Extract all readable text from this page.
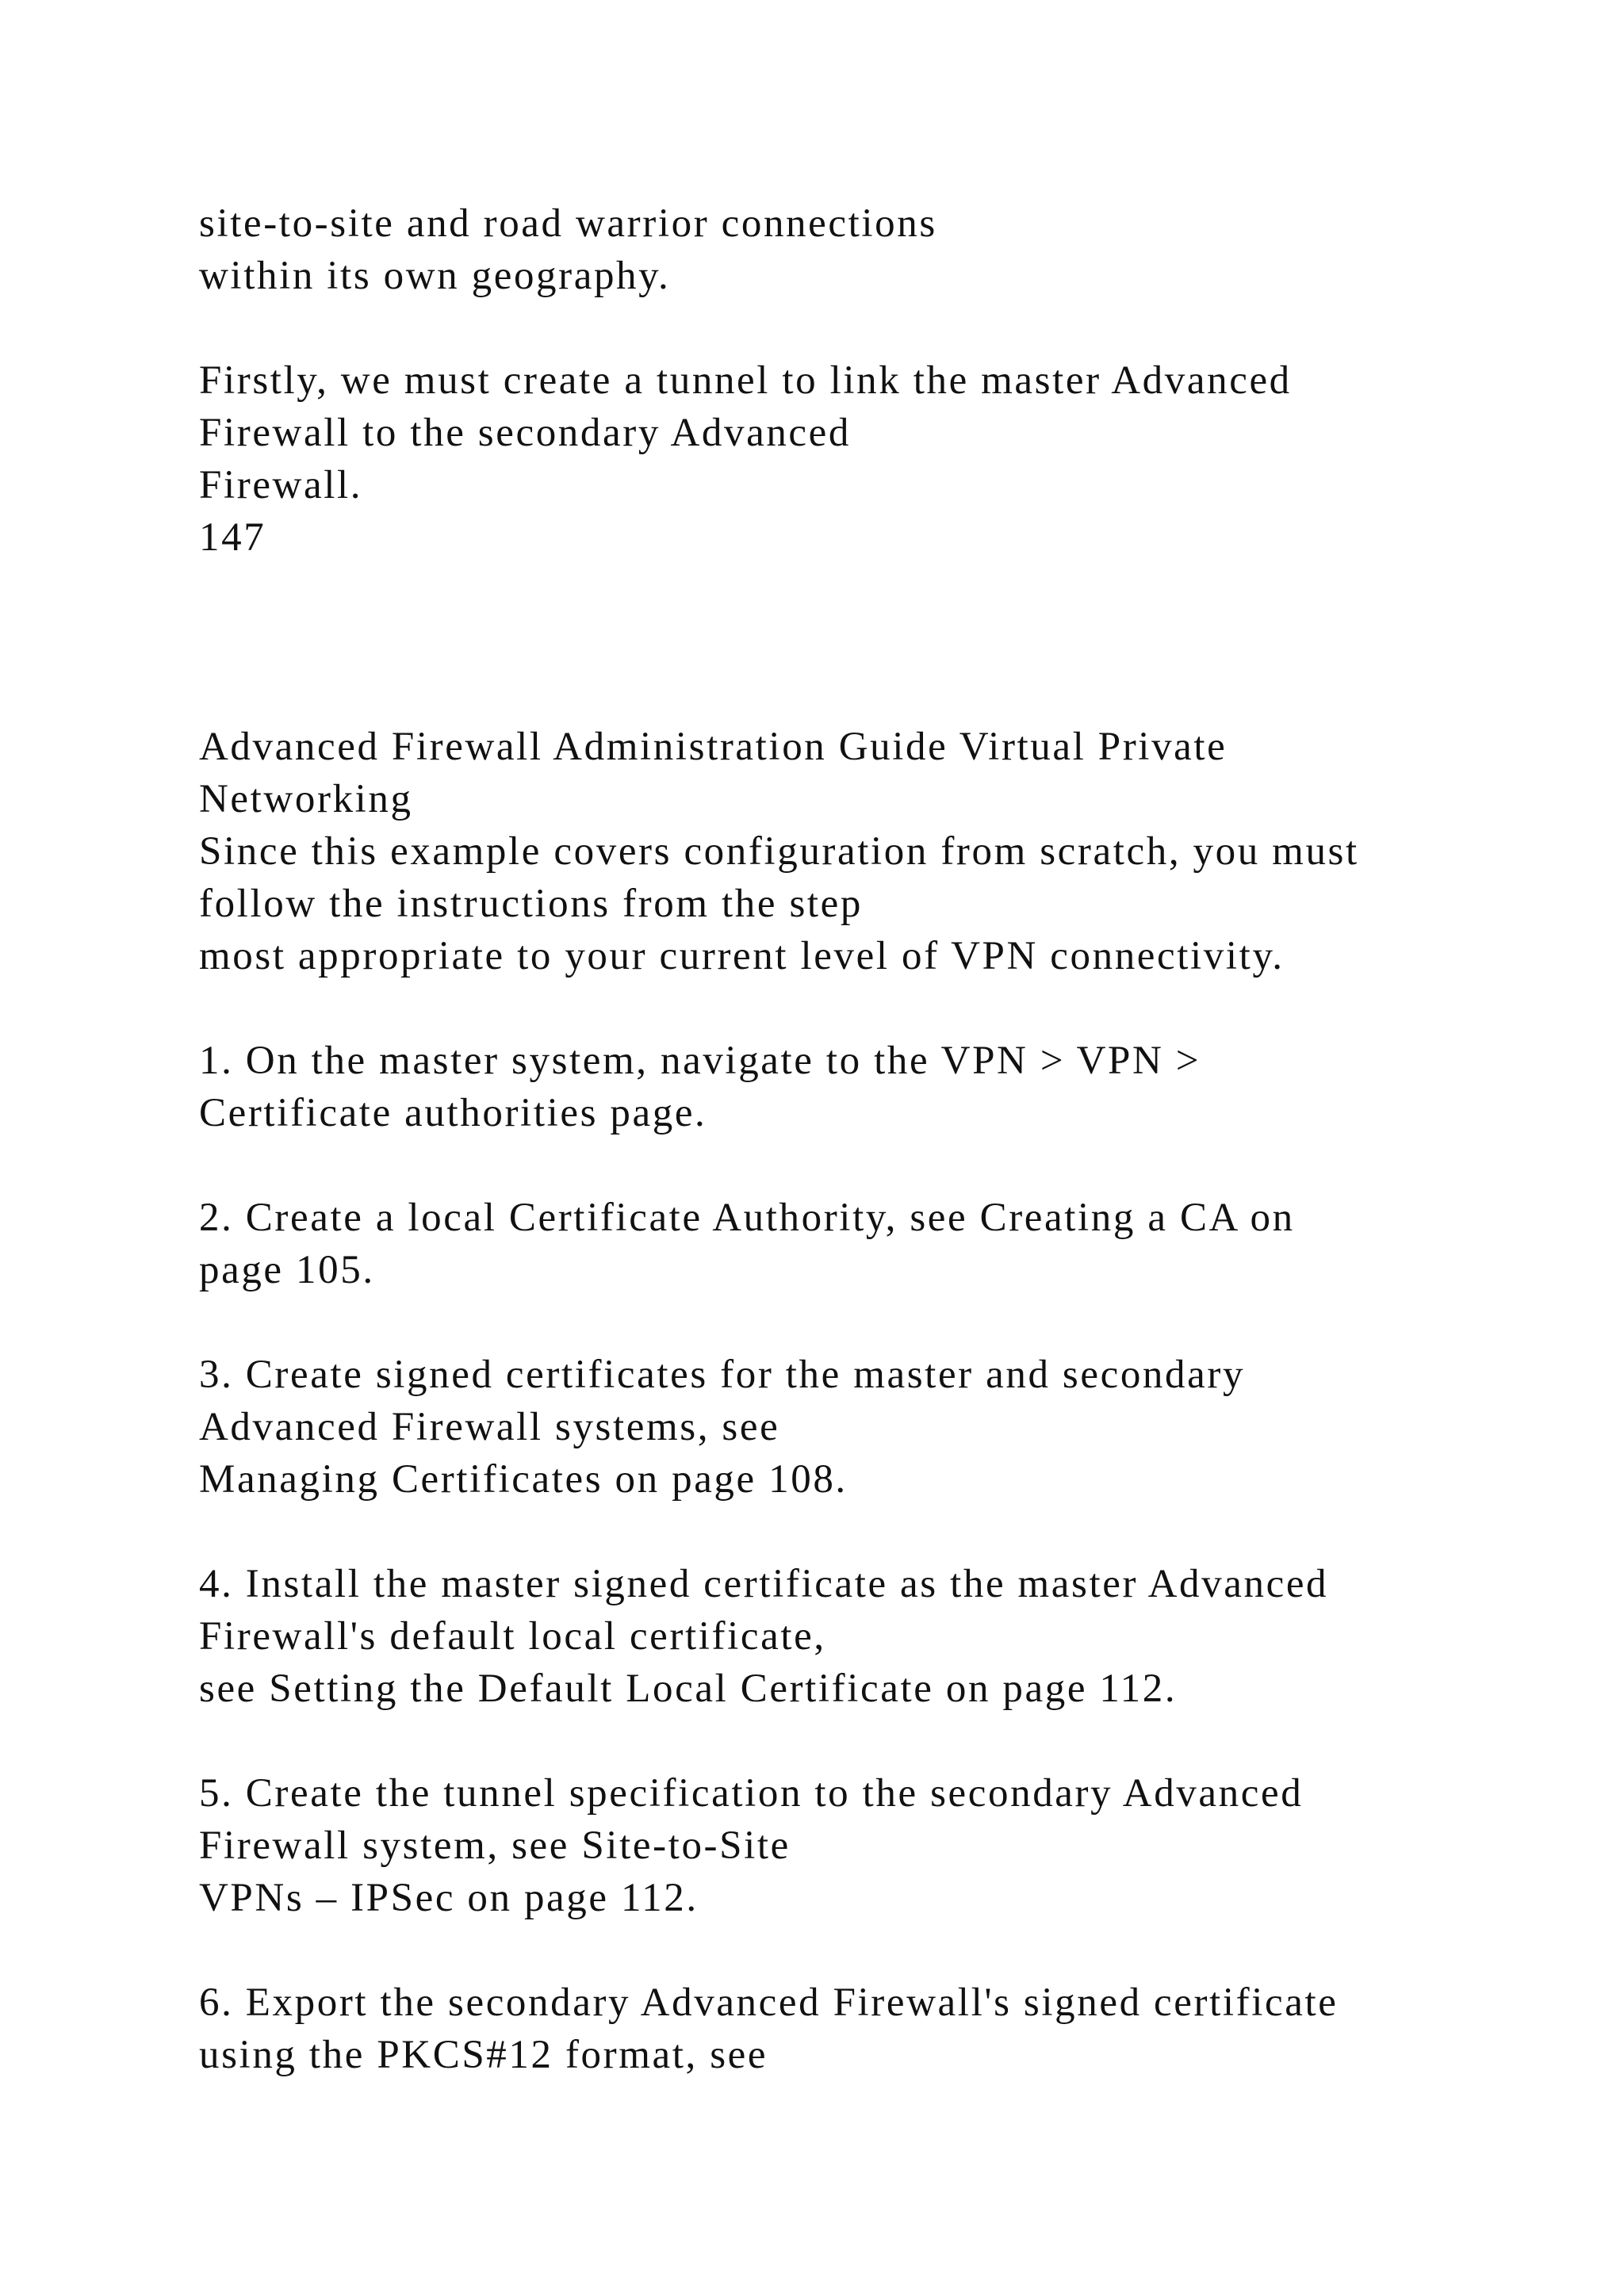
site-to-site and road warrior connections

within its own geography.

Firstly, we must create a tunnel to link the master Advanced

Firewall to the secondary Advanced

Firewall.

147

Advanced Firewall Administration Guide Virtual Private

Networking

Since this example covers configuration from scratch, you must

follow the instructions from the step

most appropriate to your current level of VPN connectivity.

1. On the master system, navigate to the VPN > VPN >

Certificate authorities page.

2. Create a local Certificate Authority, see Creating a CA on

page 105.

3. Create signed certificates for the master and secondary

Advanced Firewall systems, see

Managing Certificates on page 108.

4. Install the master signed certificate as the master Advanced

Firewall's default local certificate,

see Setting the Default Local Certificate on page 112.

5. Create the tunnel specification to the secondary Advanced

Firewall system, see Site-to-Site

VPNs – IPSec on page 112.

6. Export the secondary Advanced Firewall's signed certificate

using the PKCS#12 format, see
